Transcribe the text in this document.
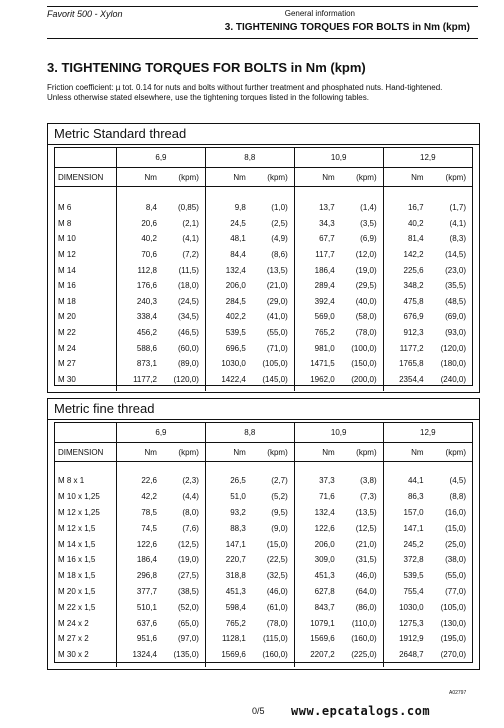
Favorit 500 - Xylon	General information
3. TIGHTENING TORQUES FOR BOLTS in Nm (kpm)
3. TIGHTENING TORQUES FOR BOLTS in Nm (kpm)
Friction coefficient: µ tot. 0.14 for nuts and bolts without further treatment and phosphated nuts. Hand-tightened.
Unless otherwise stated elsewhere, use the tightening torques listed in the following tables.
Metric Standard thread
	6,9		8,8		10,9		12,9	
DIMENSION	Nm	(kpm)	Nm	(kpm)	Nm	(kpm)	Nm	(kpm)

M 6	8,4	(0,85)	9,8	(1,0)	13,7	(1,4)	16,7	(1,7)
M 8	20,6	(2,1)	24,5	(2,5)	34,3	(3,5)	40,2	(4,1)
M 10	40,2	(4,1)	48,1	(4,9)	67,7	(6,9)	81,4	(8,3)
M 12	70,6	(7,2)	84,4	(8,6)	117,7	(12,0)	142,2	(14,5)
M 14	112,8	(11,5)	132,4	(13,5)	186,4	(19,0)	225,6	(23,0)
M 16	176,6	(18,0)	206,0	(21,0)	289,4	(29,5)	348,2	(35,5)
M 18	240,3	(24,5)	284,5	(29,0)	392,4	(40,0)	475,8	(48,5)
M 20	338,4	(34,5)	402,2	(41,0)	569,0	(58,0)	676,9	(69,0)
M 22	456,2	(46,5)	539,5	(55,0)	765,2	(78,0)	912,3	(93,0)
M 24	588,6	(60,0)	696,5	(71,0)	981,0	(100,0)	1177,2	(120,0)
M 27	873,1	(89,0)	1030,0	(105,0)	1471,5	(150,0)	1765,8	(180,0)
M 30	1177,2	(120,0)	1422,4	(145,0)	1962,0	(200,0)	2354,4	(240,0)

Metric fine thread
	6,9		8,8		10,9		12,9	
DIMENSION	Nm	(kpm)	Nm	(kpm)	Nm	(kpm)	Nm	(kpm)

M 8 x 1	22,6	(2,3)	26,5	(2,7)	37,3	(3,8)	44,1	(4,5)
M 10 x 1,25	42,2	(4,4)	51,0	(5,2)	71,6	(7,3)	86,3	(8,8)
M 12 x 1,25	78,5	(8,0)	93,2	(9,5)	132,4	(13,5)	157,0	(16,0)
M 12 x 1,5	74,5	(7,6)	88,3	(9,0)	122,6	(12,5)	147,1	(15,0)
M 14 x 1,5	122,6	(12,5)	147,1	(15,0)	206,0	(21,0)	245,2	(25,0)
M 16 x 1,5	186,4	(19,0)	220,7	(22,5)	309,0	(31,5)	372,8	(38,0)
M 18 x 1,5	296,8	(27,5)	318,8	(32,5)	451,3	(46,0)	539,5	(55,0)
M 20 x 1,5	377,7	(38,5)	451,3	(46,0)	627,8	(64,0)	755,4	(77,0)
M 22 x 1,5	510,1	(52,0)	598,4	(61,0)	843,7	(86,0)	1030,0	(105,0)
M 24 x 2	637,6	(65,0)	765,2	(78,0)	1079,1	(110,0)	1275,3	(130,0)
M 27 x 2	951,6	(97,0)	1128,1	(115,0)	1569,6	(160,0)	1912,9	(195,0)
M 30 x 2	1324,4	(135,0)	1569,6	(160,0)	2207,2	(225,0)	2648,7	(270,0)

A02797
0/5 www.epcatalogs.com
